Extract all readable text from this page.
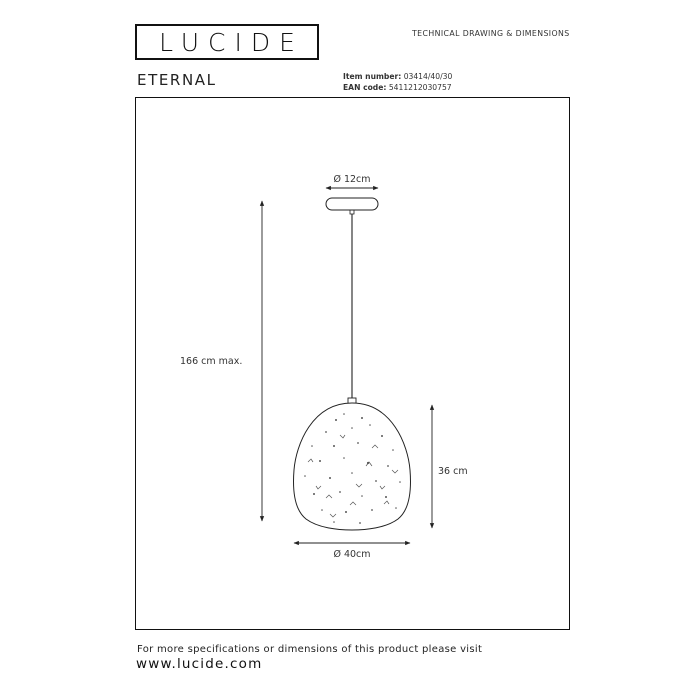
LUCIDE	TECHNICAL DRAWING & DIMENSIONS
ETERNAL	Item number: 03414/40/30
EAN code: 5411212030757
Ø 12cm
166 cm max.
36 cm
Ø 40cm
For more specifications or dimensions of this product please visit
www.lucide.com
